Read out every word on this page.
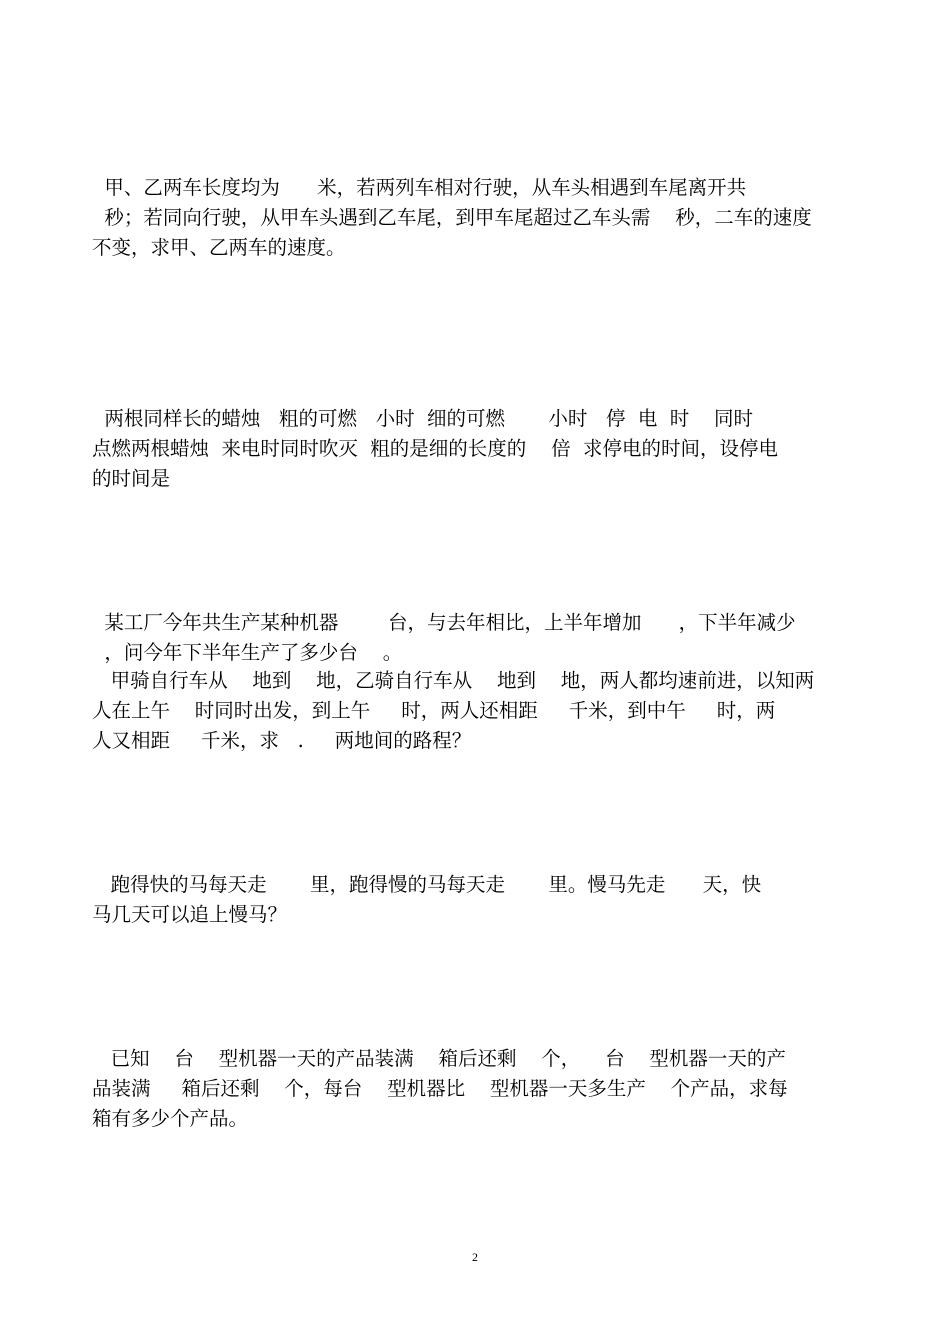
甲、乙两车长度均为      米，若两列车相对行驶，从车头相遇到车尾离开共
秒；若同向行驶，从甲车头遇到乙车尾，到甲车尾超过乙车头需    秒，二车的速度
不变，求甲、乙两车的速度。
两根同样长的蜡烛   粗的可燃   小时  细的可燃       小时   停  电  时    同时
点燃两根蜡烛  来电时同时吹灭  粗的是细的长度的    倍  求停电的时间，设停电
的时间是
某工厂今年共生产某种机器        台，与去年相比，上半年增加      ，下半年减少
，问今年下半年生产了多少台    。
甲骑自行车从    地到    地，乙骑自行车从    地到    地，两人都均速前进，以知两
人在上午    时同时出发，到上午     时，两人还相距     千米，到中午     时，两
人又相距     千米，求   .     两地间的路程？
跑得快的马每天走       里，跑得慢的马每天走       里。慢马先走      天，快
马几天可以追上慢马？
已知    台    型机器一天的产品装满    箱后还剩    个，    台    型机器一天的产
品装满     箱后还剩    个，每台    型机器比    型机器一天多生产    个产品，求每
箱有多少个产品。
2
